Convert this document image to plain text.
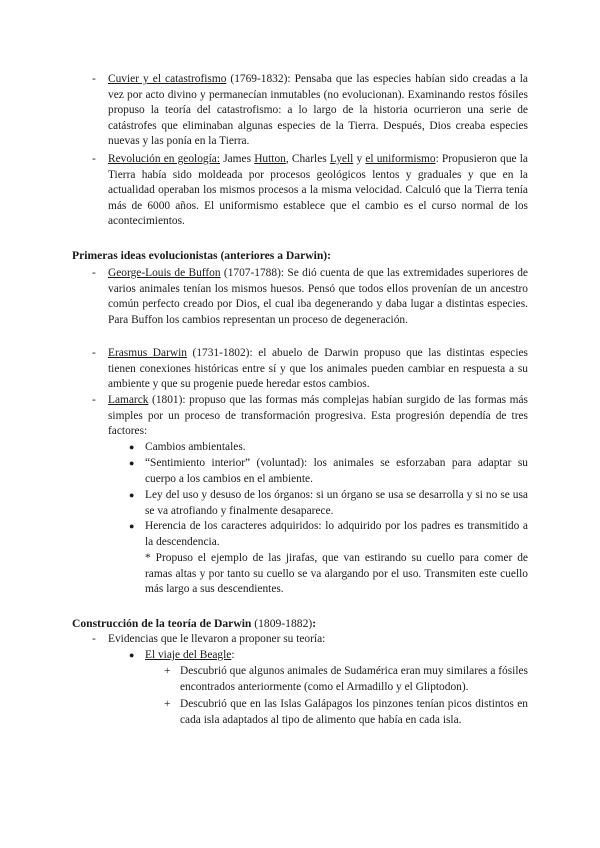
- Cuvier y el catastrofismo (1769-1832): Pensaba que las especies habían sido creadas a la vez por acto divino y permanecían inmutables (no evolucionan). Examinando restos fósiles propuso la teoría del catastrofismo: a lo largo de la historia ocurrieron una serie de catástrofes que eliminaban algunas especies de la Tierra. Después, Dios creaba especies nuevas y las ponía en la Tierra.

- Revolución en geología: James Hutton, Charles Lyell y el uniformismo: Propusieron que la Tierra había sido moldeada por procesos geológicos lentos y graduales y que en la actualidad operaban los mismos procesos a la misma velocidad. Calculó que la Tierra tenía más de 6000 años. El uniformismo establece que el cambio es el curso normal de los acontecimientos.

Primeras ideas evolucionistas (anteriores a Darwin):

- George-Louis de Buffon (1707-1788): Se dió cuenta de que las extremidades superiores de varios animales tenían los mismos huesos. Pensó que todos ellos provenían de un ancestro común perfecto creado por Dios, el cual iba degenerando y daba lugar a distintas especies. Para Buffon los cambios representan un proceso de degeneración.

- Erasmus Darwin (1731-1802): el abuelo de Darwin propuso que las distintas especies tienen conexiones históricas entre sí y que los animales pueden cambiar en respuesta a su ambiente y que su progenie puede heredar estos cambios.

- Lamarck (1801): propuso que las formas más complejas habían surgido de las formas más simples por un proceso de transformación progresiva. Esta progresión dependía de tres factores:

● Cambios ambientales.

● “Sentimiento interior” (voluntad): los animales se esforzaban para adaptar su cuerpo a los cambios en el ambiente.

● Ley del uso y desuso de los órganos: si un órgano se usa se desarrolla y si no se usa se va atrofiando y finalmente desaparece.

● Herencia de los caracteres adquiridos: lo adquirido por los padres es transmitido a la descendencia.

* Propuso el ejemplo de las jirafas, que van estirando su cuello para comer de ramas altas y por tanto su cuello se va alargando por el uso. Transmiten este cuello más largo a sus descendientes.

Construcción de la teoría de Darwin (1809-1882):

- Evidencias que le llevaron a proponer su teoría:

● El viaje del Beagle:

+ Descubrió que algunos animales de Sudamérica eran muy similares a fósiles encontrados anteriormente (como el Armadillo y el Gliptodon).

+ Descubrió que en las Islas Galápagos los pinzones tenían picos distintos en cada isla adaptados al tipo de alimento que había en cada isla.
